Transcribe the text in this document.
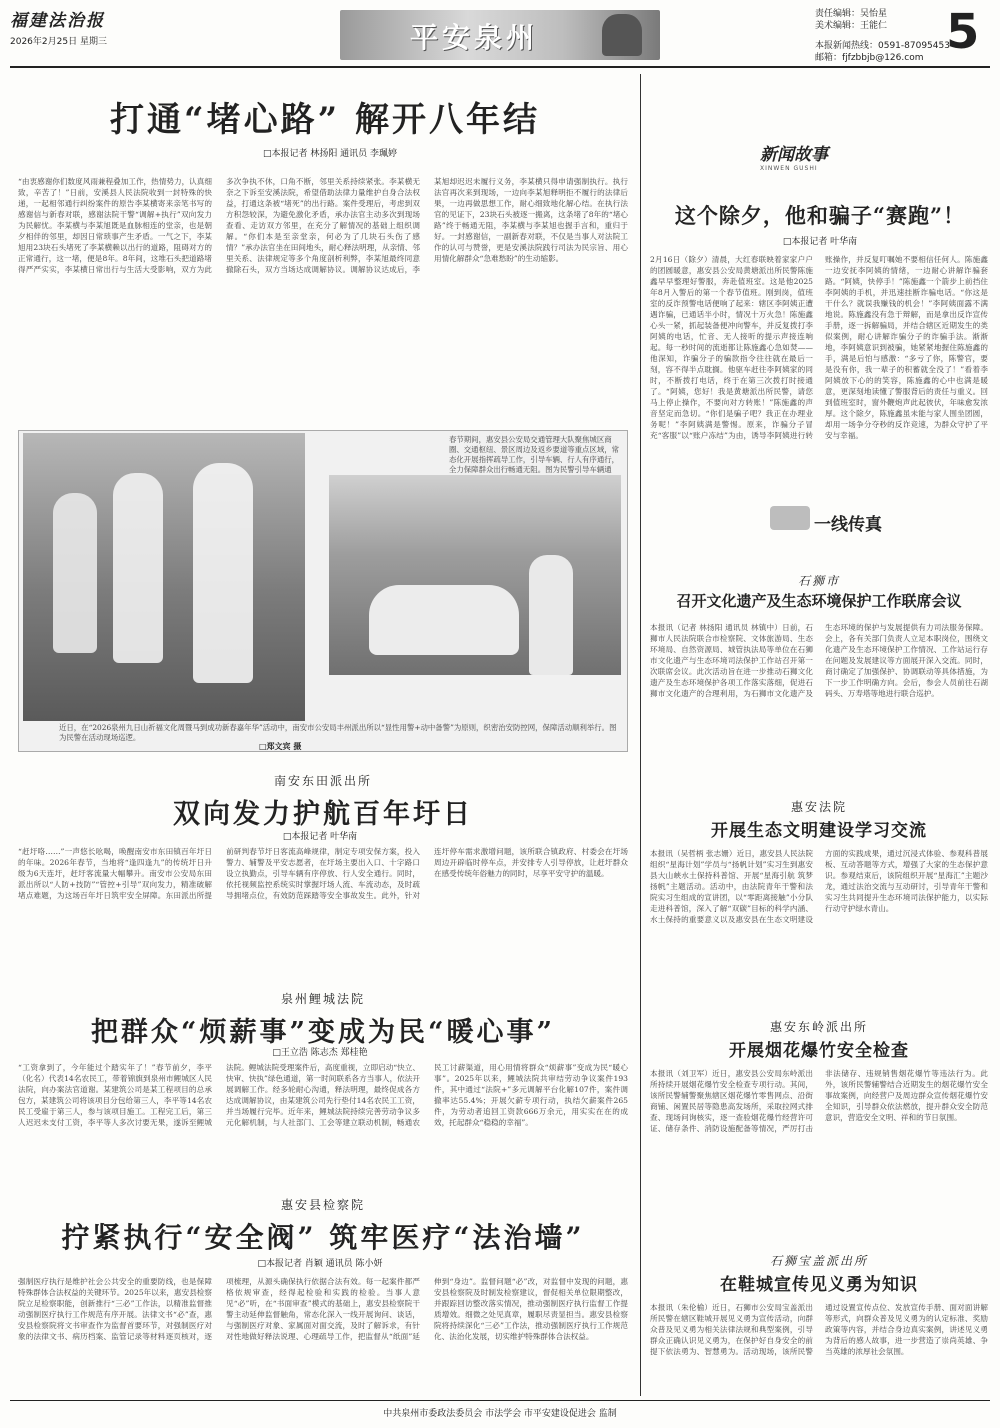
福建法治报
2026年2月25日 星期三	平安泉州
责任编辑：吴怡星
美术编辑：王能仁
本报新闻热线：0591-87095453
邮箱：fjfzbbjb@126.com 5
打通“堵心路” 解开八年结
□本报记者 林扬阳 通讯员 李珮婷
“由衷感谢你们数度风雨兼程叠加工作，热情势力，认真细致，辛苦了！”日前，安溪县人民法院收到一封特殊的快递，一起相邻通行纠纷案件的原告李某横寄来亲笔书写的感谢信与新春对联，感谢法院干警“调解+执行”双向发力为民解忧。李某横与李某旭既是血脉相连的堂亲，也是朝夕相伴的邻里，却因日常琐事产生矛盾。一气之下，李某旭用23块石头堵死了李某横赖以出行的道路，阻碍对方的正常通行，这一堵，便是8年。8年间，这堆石头把道路堵得严严实实，李某横日常出行与生活大受影响，双方为此多次争执不休，口角不断，邻里关系持续紧张。李某横无奈之下诉至安溪法院，希望借助法律力量维护自身合法权益，打通这条被“堵死”的出行路。案件受理后，考虑到双方积怨较深，为避免激化矛盾，承办法官主动多次到现场查看、走访双方邻里，在充分了解情况的基础上组织调解。“你们本是至亲堂亲，何必为了几块石头伤了感情？”承办法官坐在田间地头，耐心释法明理，从亲情、邻里关系、法律规定等多个角度剖析利弊，李某旭最终同意撤除石头，双方当场达成调解协议。调解协议达成后，李某旭却迟迟未履行义务，李某横只得申请强制执行。执行法官再次来到现场，一边向李某旭释明拒不履行的法律后果，一边再做思想工作，耐心细致地化解心结。在执行法官的见证下，23块石头被逐一搬离，这条堵了8年的“堵心路”终于畅通无阻，李某横与李某旭也握手言和，重归于好。一封感谢信，一副新春对联，不仅是当事人对法院工作的认可与赞誉，更是安溪法院践行司法为民宗旨、用心用情化解群众“急难愁盼”的生动缩影。
春节期间，惠安县公安局交通管理大队聚焦城区商圈、交通枢纽、景区周边及返乡要道等重点区域，常态化开展指挥疏导工作，引导车辆、行人有序通行，全力保障群众出行畅通无阻。图为民警引导车辆通
近日，在“2026泉州九日山祈福文化周暨马到成功新春嘉年华”活动中，南安市公安局丰州派出所以“显性用警+动中备警”为原则，织密治安防控网，保障活动顺利举行。图为民警在活动现场巡逻。
□郑文宾 摄
南安东田派出所
双向发力护航百年圩日
□本报记者 叶华南
“赶圩咯……”一声悠长吆喝，唤醒南安市东田镇百年圩日的年味。2026年春节，当地将“逢四逢九”的传统圩日升级为6天连圩，赶圩客流量大幅攀升。南安市公安局东田派出所以“人防+技防”“管控+引导”双向发力，精准破解堵点难题，为这场百年圩日筑牢安全屏障。东田派出所提前研判春节圩日客流高峰规律，制定专项安保方案，投入警力、辅警及平安志愿者，在圩场主要出入口、十字路口设立执勤点，引导车辆有序停放、行人安全通行。同时，依托视频监控系统实时掌握圩场人流、车流动态，及时疏导拥堵点位，有效防范踩踏等安全事故发生。此外，针对连圩停车需求激增问题，该所联合镇政府、村委会在圩场周边开辟临时停车点，并安排专人引导停放，让赶圩群众在感受传统年俗魅力的同时，尽享平安守护的温暖。
泉州鲤城法院
把群众“烦薪事”变成为民“暖心事”
□王立浩 陈志杰 郑桂艳
“工资拿到了，今年能过个踏实年了！”春节前夕，李平（化名）代表14名农民工，带着锦旗到泉州市鲤城区人民法院，向办案法官道谢。某建筑公司是某工程项目的总承包方，某建筑公司将该项目分包给第三人，李平等14名农民工受雇于第三人，参与该项目施工。工程完工后，第三人迟迟未支付工资，李平等人多次讨要无果，遂诉至鲤城法院。鲤城法院受理案件后，高度重视，立即启动“快立、快审、快执”绿色通道，第一时间联系各方当事人，依法开展调解工作。经多轮耐心沟通，释法明理，最终促成各方达成调解协议，由某建筑公司先行垫付14名农民工工资，并当场履行完毕。近年来，鲤城法院持续完善劳动争议多元化解机制，与人社部门、工会等建立联动机制，畅通农民工讨薪渠道，用心用情将群众“烦薪事”变成为民“暖心事”。2025年以来，鲤城法院共审结劳动争议案件193件，其中通过“法院+”多元调解平台化解107件，案件调撤率达55.4%；开展欠薪专项行动，执结欠薪案件265件，为劳动者追回工资款666万余元，用实实在在的成效，托起群众“稳稳的幸福”。
惠安县检察院
拧紧执行“安全阀” 筑牢医疗“法治墙”
□本报记者 肖颖 通讯员 陈小妍
强制医疗执行是维护社会公共安全的重要防线，也是保障特殊群体合法权益的关键环节。2025年以来，惠安县检察院立足检察职能，创新推行“三必”工作法，以精准监督推动强制医疗执行工作规范有序开展。法律文书“必”查，惠安县检察院将文书审查作为监督首要环节，对强制医疗对象的法律文书、病历档案、监管记录等材料逐页核对，逐项梳理，从源头确保执行依据合法有效。每一起案件都严格依规审查，经得起检验和实践的检验。当事人意见“必”听，在“书面审查”模式的基础上，惠安县检察院干警主动延伸监督触角，常态化深入一线开展询问、谈话，与强制医疗对象、家属面对面交流，及时了解诉求，有针对性地做好释法说理、心理疏导工作，把监督从“纸面”延伸到“身边”。监督问题“必”改，对监督中发现的问题，惠安县检察院及时制发检察建议，督促相关单位限期整改，并跟踪回访整改落实情况，推动强制医疗执行监督工作提质增效。细微之处见真章，履职尽责显担当。惠安县检察院将持续深化“三必”工作法，推动强制医疗执行工作规范化、法治化发展，切实维护特殊群体合法权益。
新闻故事
XINWEN GUSHI
这个除夕，他和骗子“赛跑”！
□本报记者 叶华南
2月16日（除夕）清晨，大红春联映着家家户户的团圆暖意，惠安县公安局黄塘派出所民警陈施鑫早早整理好警服，奔赴值班室。这是他2025年8月入警后的第一个春节值班。刚到岗，值班室的反诈预警电话便响了起来：辖区李阿姨正遭遇诈骗，已通话半小时，情况十万火急！陈施鑫心头一紧，抓起装备便冲向警车，并反复拨打李阿姨的电话，忙音、无人接听的提示声接连响起。每一秒时间的流逝都让陈施鑫心急如焚——他深知，诈骗分子的骗款指令往往就在最后一刻，容不得半点耽搁。他驱车赶往李阿姨家的同时，不断拨打电话，终于在第三次拨打时接通了。“阿姨，您好！我是黄塘派出所民警，请您马上停止操作，不要向对方转账！”陈施鑫的声音坚定而急切。“你们是骗子吧？我正在办理业务呢！”李阿姨满是警惕。原来，诈骗分子冒充“客服”以“账户冻结”为由，诱导李阿姨进行转账操作，并反复叮嘱她不要相信任何人。陈施鑫一边安抚李阿姨的情绪，一边耐心讲解诈骗套路。“阿姨，快停手！”陈施鑫一个箭步上前挡住李阿姨的手机，并迅速挂断诈骗电话。“你这是干什么？就误我赚钱的机会！”李阿姨面露不满地说。陈施鑫没有急于辩解，而是拿出反诈宣传手册，逐一拆解骗局，并结合辖区近期发生的类似案例，耐心讲解诈骗分子的诈骗手法。渐渐地，李阿姨意识到被骗，她紧紧地握住陈施鑫的手，满是后怕与感激：“多亏了你，陈警官，要是没有你，我一辈子的积蓄就全没了！”看着李阿姨放下心的的笑容，陈施鑫的心中也满是暖意，更深刻地读懂了警服背后的责任与重义。回到值班室时，窗外鞭炮声此起彼伏，年味愈发浓厚。这个除夕，陈施鑫虽未能与家人围坐团圆，却用一场争分夺秒的反诈竞速，为群众守护了平安与幸福。
一线传真
石狮市
召开文化遗产及生态环境保护工作联席会议
本报讯（记者 林扬阳 通讯员 林镇中）日前，石狮市人民法院联合市检察院、文体旅游局、生态环境局、自然资源局、城管执法局等单位在石狮市文化遗产与生态环境司法保护工作站召开第一次联席会议。此次活动旨在进一步推动石狮文化遗产及生态环境保护各项工作落实落细，促进石狮市文化遗产的合理利用，为石狮市文化遗产及生态环境的保护与发展提供有力司法服务保障。会上，各有关部门负责人立足本职岗位，围绕文化遗产及生态环境保护工作情况、工作站运行存在问题及发展建议等方面展开深入交流。同时，商讨确定了加强保护、协调联动等具体措施，为下一步工作明确方向。会后，参会人员前往石湖码头、万寿塔等地进行联合巡护。
惠安法院
开展生态文明建设学习交流
本报讯（吴哲柄 张志姗）近日，惠安县人民法院组织“星海计划”学员与“扬帆计划”实习生到惠安县大山峡水土保持科普馆、开展“星海引航 筑梦扬帆”主题活动。活动中，由法院青年干警和法院实习生组成的宣讲团，以“零距离接触”小分队走进科普馆，深入了解“双碳”目标的科学内涵、水土保持的重要意义以及惠安县在生态文明建设方面的实践成果，通过沉浸式体验、参观科普展板、互动答题等方式，增强了大家的生态保护意识。参观结束后，该院组织开展“星海汇”主题沙龙，通过法治交流与互动研讨，引导青年干警和实习生共同提升生态环境司法保护能力，以实际行动守护绿水青山。
惠安东岭派出所
开展烟花爆竹安全检查
本报讯（刘卫军）近日，惠安县公安局东岭派出所持续开展烟花爆竹安全检查专项行动。其间，该所民警辅警聚焦辖区烟花爆竹零售网点、沿街商铺、闲置民居等隐患高发场所，采取拉网式排查、现场问询核实，逐一查验烟花爆竹经营许可证、储存条件、消防设施配备等情况，严厉打击非法储存、违规销售烟花爆竹等违法行为。此外，该所民警辅警结合近期发生的烟花爆竹安全事故案例，向经营户及周边群众宣传烟花爆竹安全知识，引导群众依法燃放，提升群众安全防范意识，营造安全文明、祥和的节日氛围。
石狮宝盖派出所
在鞋城宣传见义勇为知识
本报讯（朱伦榆）近日，石狮市公安局宝盖派出所民警在辖区鞋城开展见义勇为宣传活动，向群众普及见义勇为相关法律法规和典型案例，引导群众正确认识见义勇为，在保护好自身安全的前提下依法勇为、智慧勇为。活动现场，该所民警通过设置宣传点位、发放宣传手册、面对面讲解等形式，向群众普及见义勇为的认定标准、奖励政策等内容，并结合身边真实案例，讲述见义勇为背后的感人故事，进一步营造了崇尚英雄、争当英雄的浓厚社会氛围。
中共泉州市委政法委员会 市法学会 市平安建设促进会 监制
